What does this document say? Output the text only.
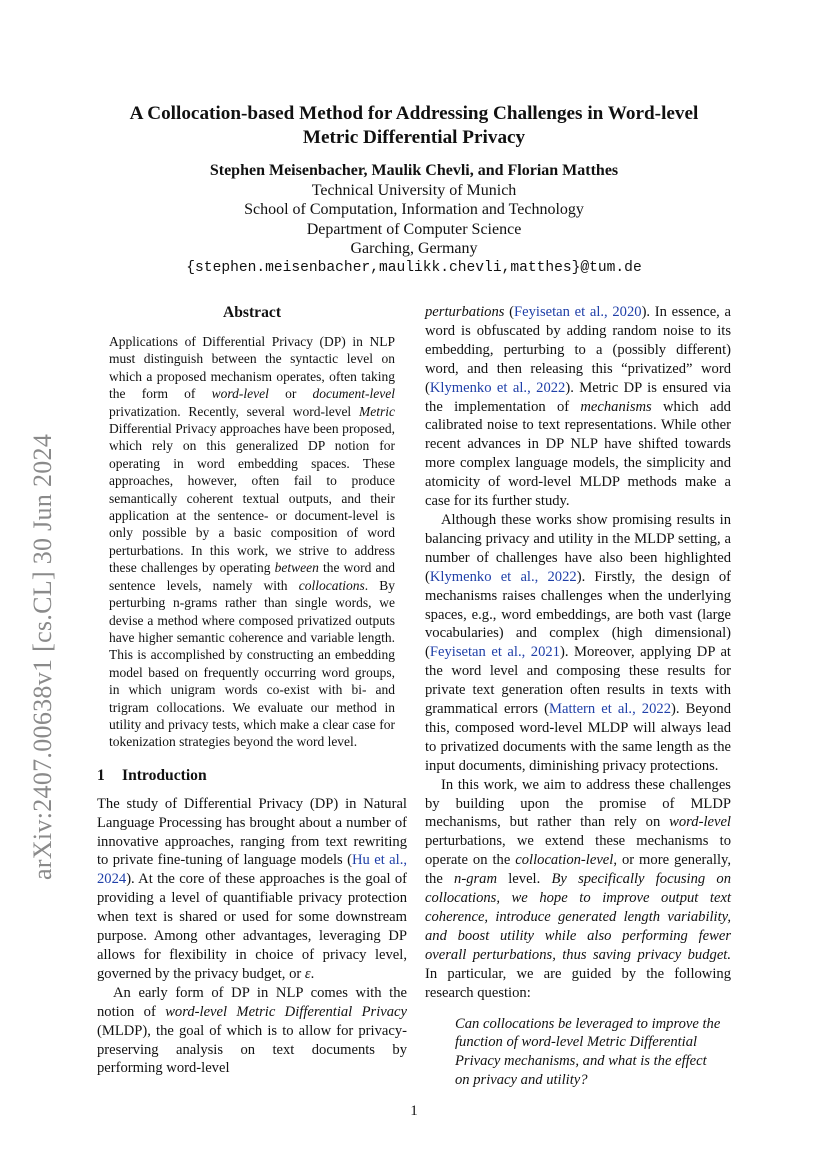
arXiv:2407.00638v1 [cs.CL] 30 Jun 2024
A Collocation-based Method for Addressing Challenges in Word-level Metric Differential Privacy
Stephen Meisenbacher, Maulik Chevli, and Florian Matthes
Technical University of Munich
School of Computation, Information and Technology
Department of Computer Science
Garching, Germany
{stephen.meisenbacher,maulikk.chevli,matthes}@tum.de

Abstract

Applications of Differential Privacy (DP) in NLP must distinguish between the syntactic level on which a proposed mechanism operates, often taking the form of word-level or document-level privatization. Recently, several word-level Metric Differential Privacy approaches have been proposed, which rely on this generalized DP notion for operating in word embedding spaces. These approaches, however, often fail to produce semantically coherent textual outputs, and their application at the sentence- or document-level is only possible by a basic composition of word perturbations. In this work, we strive to address these challenges by operating between the word and sentence levels, namely with collocations. By perturbing n-grams rather than single words, we devise a method where composed privatized outputs have higher semantic coherence and variable length. This is accomplished by constructing an embedding model based on frequently occurring word groups, in which unigram words co-exist with bi- and trigram collocations. We evaluate our method in utility and privacy tests, which make a clear case for tokenization strategies beyond the word level.

1 Introduction

The study of Differential Privacy (DP) in Natural Language Processing has brought about a number of innovative approaches, ranging from text rewriting to private fine-tuning of language models (Hu et al., 2024). At the core of these approaches is the goal of providing a level of quantifiable privacy protection when text is shared or used for some downstream purpose. Among other advantages, leveraging DP allows for flexibility in choice of privacy level, governed by the privacy budget, or ε.

An early form of DP in NLP comes with the notion of word-level Metric Differential Privacy (MLDP), the goal of which is to allow for privacy-preserving analysis on text documents by performing word-level

perturbations (Feyisetan et al., 2020). In essence, a word is obfuscated by adding random noise to its embedding, perturbing to a (possibly different) word, and then releasing this “privatized” word (Klymenko et al., 2022). Metric DP is ensured via the implementation of mechanisms which add calibrated noise to text representations. While other recent advances in DP NLP have shifted towards more complex language models, the simplicity and atomicity of word-level MLDP methods make a case for its further study.

Although these works show promising results in balancing privacy and utility in the MLDP setting, a number of challenges have also been highlighted (Klymenko et al., 2022). Firstly, the design of mechanisms raises challenges when the underlying spaces, e.g., word embeddings, are both vast (large vocabularies) and complex (high dimensional) (Feyisetan et al., 2021). Moreover, applying DP at the word level and composing these results for private text generation often results in texts with grammatical errors (Mattern et al., 2022). Beyond this, composed word-level MLDP will always lead to privatized documents with the same length as the input documents, diminishing privacy protections.

In this work, we aim to address these challenges by building upon the promise of MLDP mechanisms, but rather than rely on word-level perturbations, we extend these mechanisms to operate on the collocation-level, or more generally, the n-gram level. By specifically focusing on collocations, we hope to improve output text coherence, introduce generated length variability, and boost utility while also performing fewer overall perturbations, thus saving privacy budget. In particular, we are guided by the following research question:

Can collocations be leveraged to improve the function of word-level Metric Differential Privacy mechanisms, and what is the effect on privacy and utility?

1
